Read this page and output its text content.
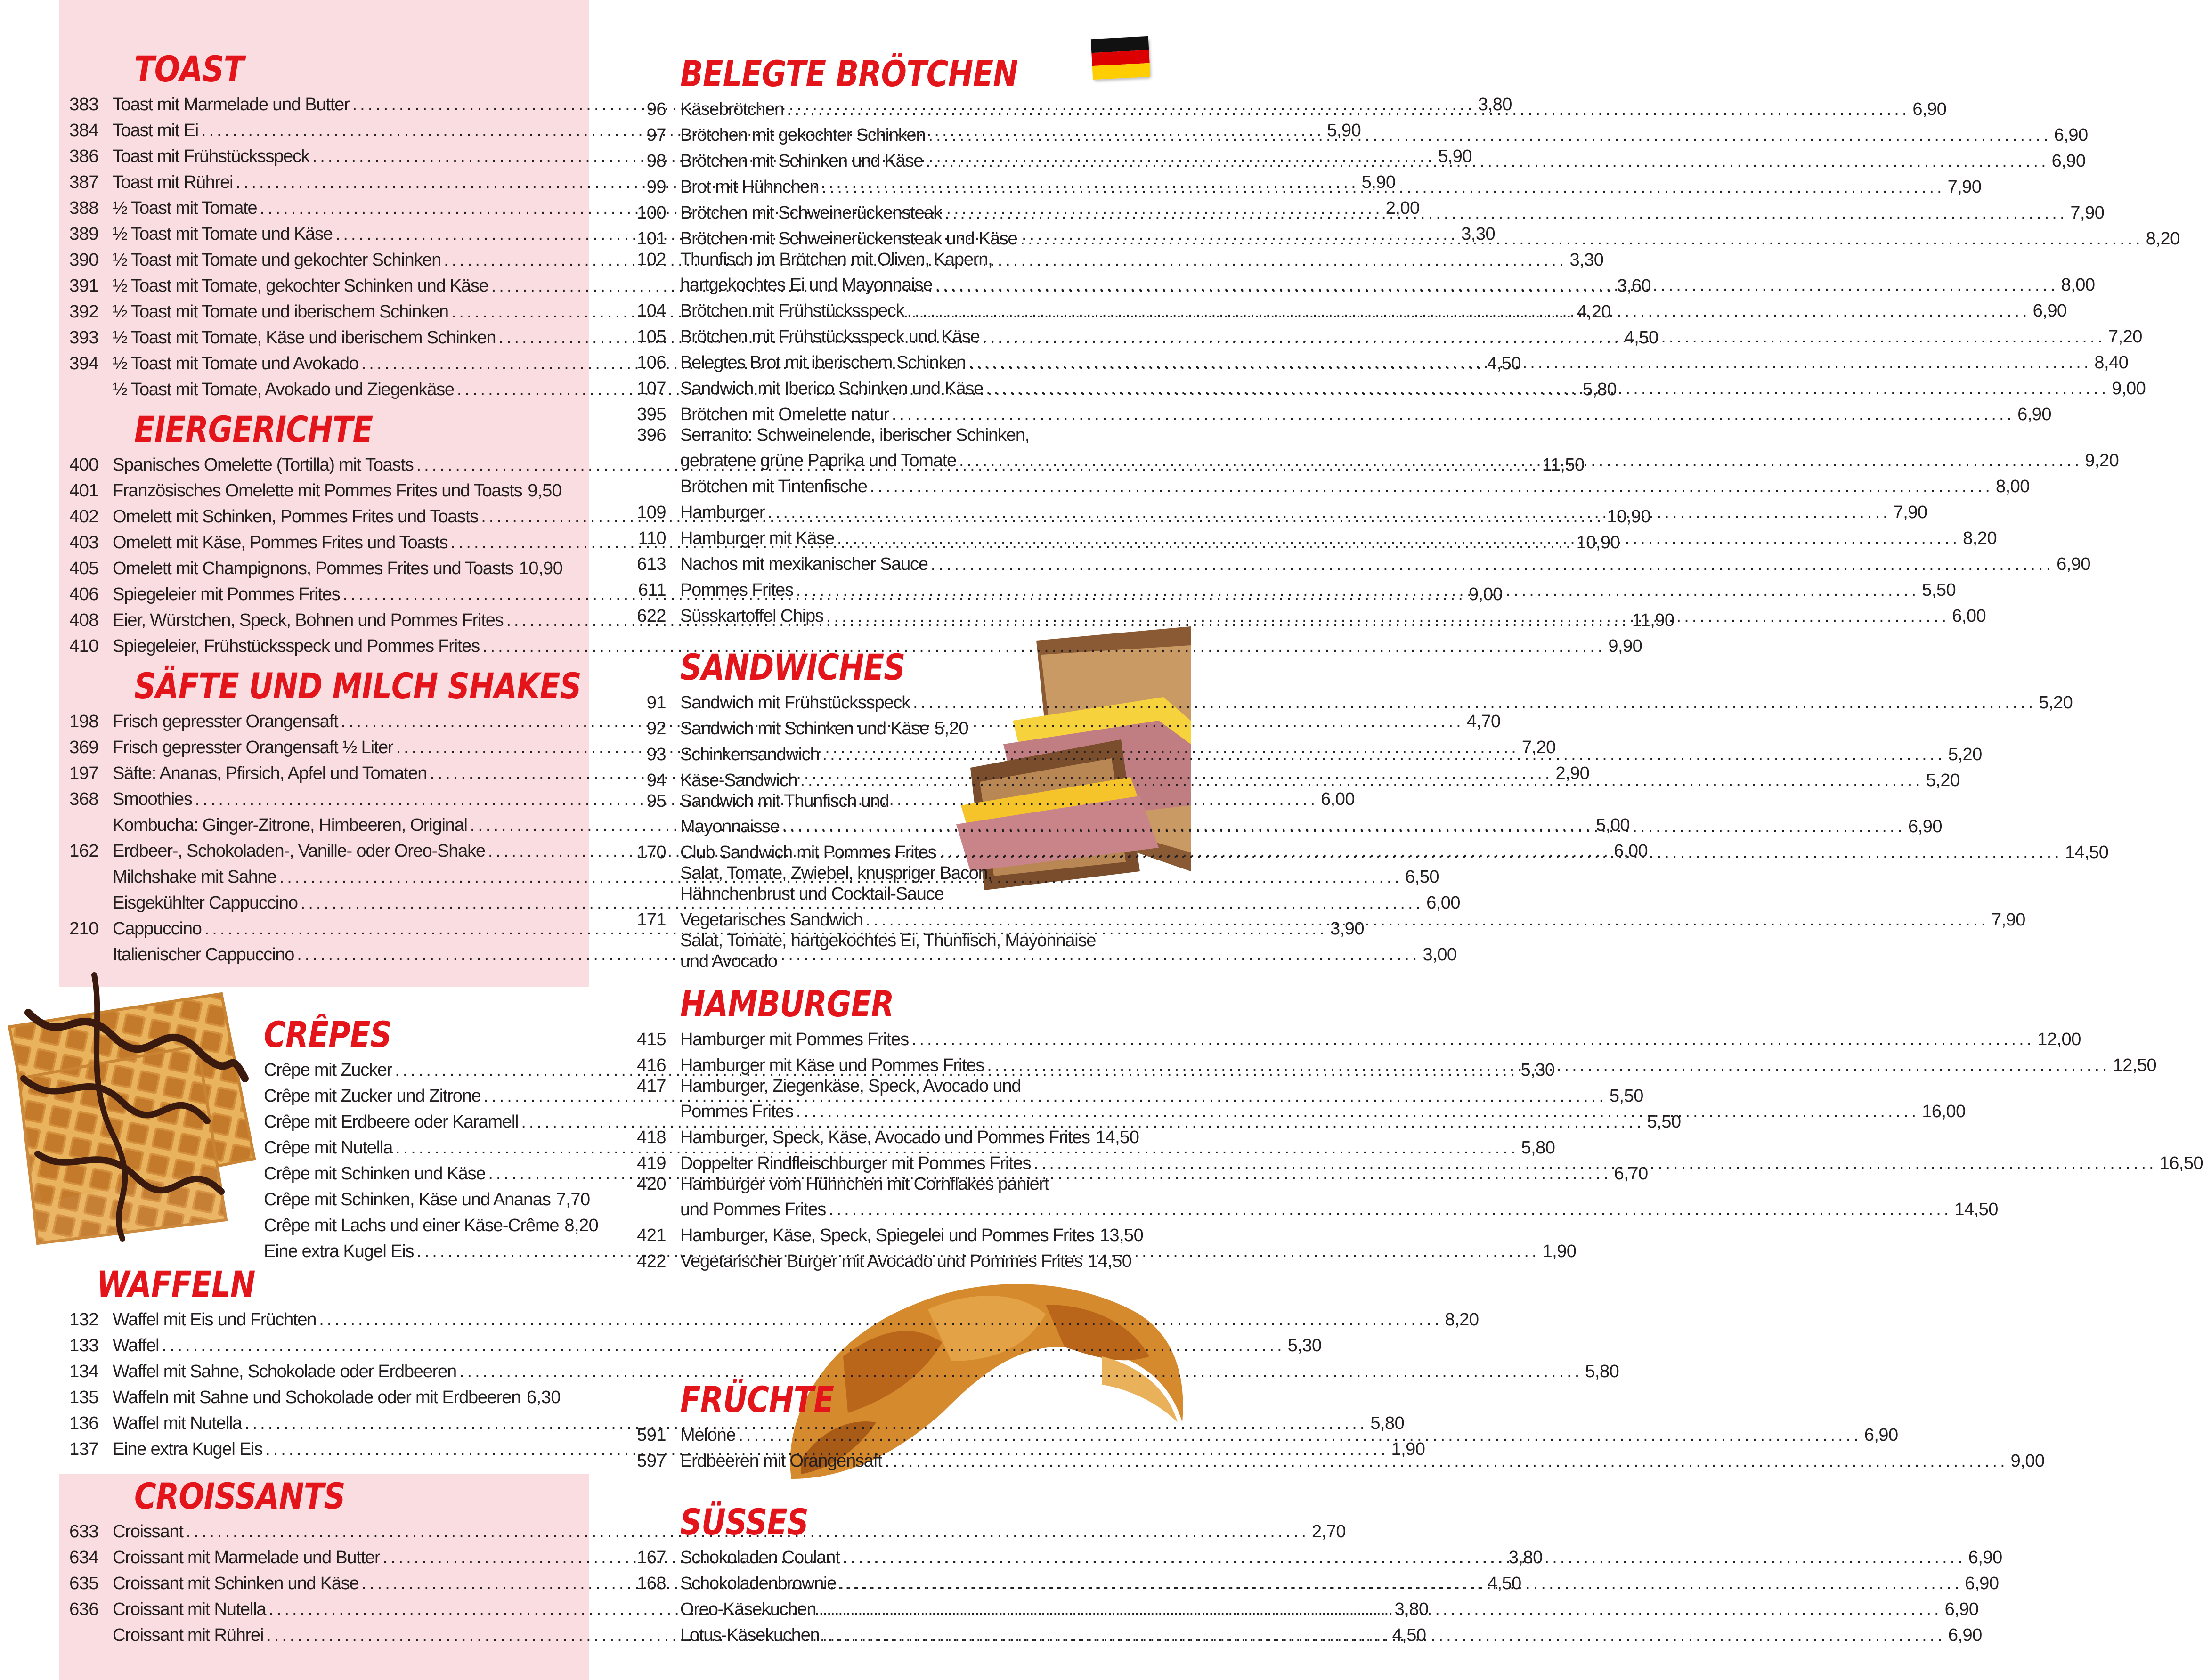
TOAST
383 Toast mit Marmelade und Butter .....	3,80
384 Toast mit Ei .....	5,90
386 Toast mit Frühstücksspeck .....	5,90
387 Toast mit Rührei .....	5,90
388 ½ Toast mit Tomate .....	2,00
389 ½ Toast mit Tomate und Käse .....	3,30
390 ½ Toast mit Tomate und gekochter Schinken .....	3,30
391 ½ Toast mit Tomate, gekochter Schinken und Käse .....	3,60
392 ½ Toast mit Tomate und iberischem Schinken .....	4,20
393 ½ Toast mit Tomate, Käse und iberischem Schinken .....	4,50
394 ½ Toast mit Tomate und Avokado .....	4,50
½ Toast mit Tomate, Avokado und Ziegenkäse .....	5,80
EIERGERICHTE
400 Spanisches Omelette (Tortilla) mit Toasts .....	11,50
401 Französisches Omelette mit Pommes Frites und Toasts 9,50
402 Omelett mit Schinken, Pommes Frites und Toasts .....	10,90
403 Omelett mit Käse, Pommes Frites und Toasts .....	10,90
405 Omelett mit Champignons, Pommes Frites und Toasts 10,90
406 Spiegeleier mit Pommes Frites .....	9,00
408 Eier, Würstchen, Speck, Bohnen und Pommes Frites .....	11,90
410 Spiegeleier, Frühstücksspeck und Pommes Frites .....	9,90
SÄFTE UND MILCH SHAKES
198 Frisch gepresster Orangensaft .....	4,70
369 Frisch gepresster Orangensaft ½ Liter .....	7,20
197 Säfte: Ananas, Pfirsich, Apfel und Tomaten .....	2,90
368 Smoothies .....	6,00
Kombucha: Ginger-Zitrone, Himbeeren, Original .....	5,00
162 Erdbeer-, Schokoladen-, Vanille- oder Oreo-Shake .....	6,00
Milchshake mit Sahne .....	6,50
Eisgekühlter Cappuccino .....	6,00
210 Cappuccino .....	3,90
Italienischer Cappuccino .....	3,00
CRÊPES
Crêpe mit Zucker .....	5,30
Crêpe mit Zucker und Zitrone .....	5,50
Crêpe mit Erdbeere oder Karamell .....	5,50
Crêpe mit Nutella .....	5,80
Crêpe mit Schinken und Käse .....	6,70
Crêpe mit Schinken, Käse und Ananas 7,70
Crêpe mit Lachs und einer Käse-Crême 8,20
Eine extra Kugel Eis .....	1,90
WAFFELN
132 Waffel mit Eis und Früchten .....	8,20
133 Waffel .....	5,30
134 Waffel mit Sahne, Schokolade oder Erdbeeren .....	5,80
135 Waffeln mit Sahne und Schokolade oder mit Erdbeeren ..... 6,30
136 Waffel mit Nutella .....	5,80
137 Eine extra Kugel Eis .....	1,90
CROISSANTS
633 Croissant .....	2,70
634 Croissant mit Marmelade und Butter .....	3,80
635 Croissant mit Schinken und Käse .....	4,50
636 Croissant mit Nutella .....	3,80
Croissant mit Rührei .....	4,50
BELEGTE BRÖTCHEN
96 Käsebrötchen .....	6,90
97 Brötchen mit gekochter Schinken .....	6,90
98 Brötchen mit Schinken und Käse .....	6,90
99 Brot mit Hühnchen .....	7,90
100 Brötchen mit Schweinerückensteak .....	7,90
101 Brötchen mit Schweinerückensteak und Käse .....	8,20
102 Thunfisch im Brötchen mit Oliven, Kapern,
hartgekochtes Ei und Mayonnaise .....	8,00
104 Brötchen mit Frühstücksspeck .....	6,90
105 Brötchen mit Frühstücksspeck und Käse .....	7,20
106 Belegtes Brot mit iberischem Schinken .....	8,40
107 Sandwich mit Iberico Schinken und Käse .....	9,00
395 Brötchen mit Omelette natur .....	6,90
396 Serranito: Schweinelende, iberischer Schinken,
gebratene grüne Paprika und Tomate .....	9,20
Brötchen mit Tintenfische .....	8,00
109 Hamburger .....	7,90
110 Hamburger mit Käse .....	8,20
613 Nachos mit mexikanischer Sauce .....	6,90
611 Pommes Frites .....	5,50
622 Süsskartoffel Chips .....	6,00
SANDWICHES
91 Sandwich mit Frühstücksspeck .....	5,20
92 Sandwich mit Schinken und Käse 5,20
93 Schinkensandwich .....	5,20
94 Käse-Sandwich .....	5,20
95 Sandwich mit Thunfisch und
Mayonnaisse .....	6,90
170 Club Sandwich mit Pommes Frites .....	14,50
Salat, Tomate, Zwiebel, knuspriger Bacon,
Hähnchenbrust und Cocktail-Sauce
171 Vegetarisches Sandwich .....	7,90
Salat, Tomate, hartgekochtes Ei, Thunfisch, Mayonnaise
und Avocado
HAMBURGER
415 Hamburger mit Pommes Frites .....	12,00
416 Hamburger mit Käse und Pommes Frites .....	12,50
417 Hamburger, Ziegenkäse, Speck, Avocado und
Pommes Frites .....	16,00
418 Hamburger, Speck, Käse, Avocado und Pommes Frites 14,50
419 Doppelter Rindfleischburger mit Pommes Frites .....	16,50
420 Hamburger vom Hühnchen mit Cornflakes paniert
und Pommes Frites .....	14,50
421 Hamburger, Käse, Speck, Spiegelei und Pommes Frites 13,50
422 Vegetarischer Burger mit Avocado und Pommes Frites 14,50
FRÜCHTE
591 Melone .....	6,90
597 Erdbeeren mit Orangensaft .....	9,00
SÜSSES
167 Schokoladen Coulant .....	6,90
168 Schokoladenbrownie .....	6,90
Oreo-Käsekuchen .....	6,90
Lotus-Käsekuchen .....	6,90
